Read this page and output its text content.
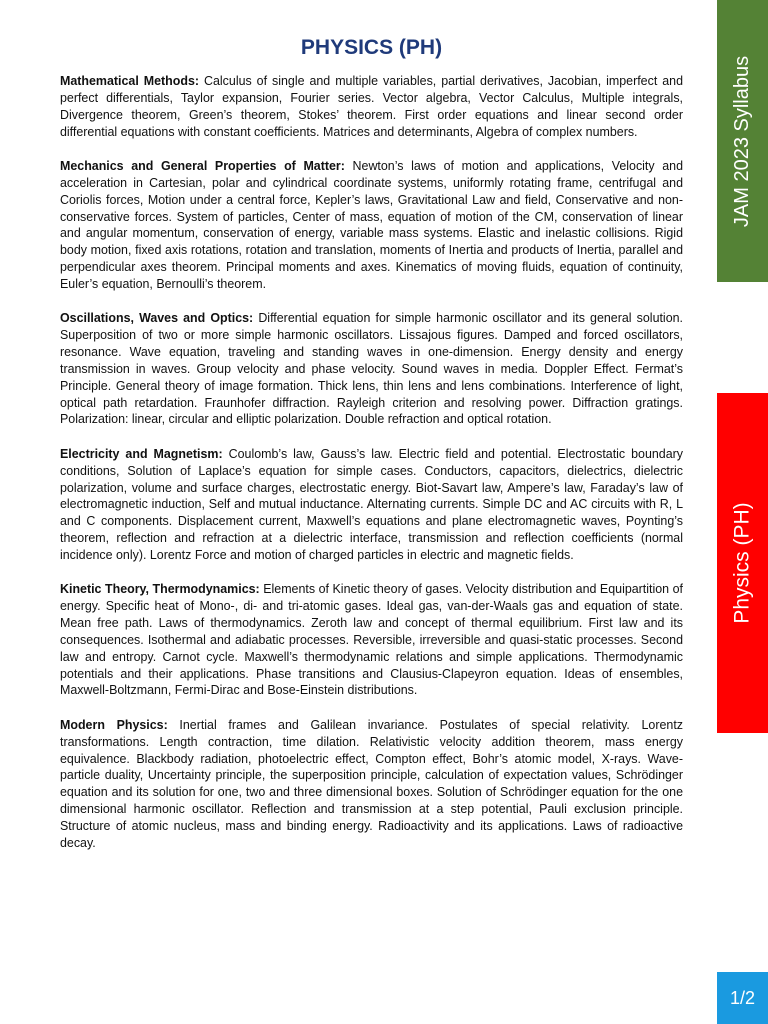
PHYSICS (PH)

Mathematical Methods: Calculus of single and multiple variables, partial derivatives, Jacobian, imperfect and perfect differentials, Taylor expansion, Fourier series. Vector algebra, Vector Calculus, Multiple integrals, Divergence theorem, Green’s theorem, Stokes’ theorem. First order equations and linear second order differential equations with constant coefficients. Matrices and determinants, Algebra of complex numbers.

Mechanics and General Properties of Matter: Newton’s laws of motion and applications, Velocity and acceleration in Cartesian, polar and cylindrical coordinate systems, uniformly rotating frame, centrifugal and Coriolis forces, Motion under a central force, Kepler’s laws, Gravitational Law and field, Conservative and non-conservative forces. System of particles, Center of mass, equation of motion of the CM, conservation of linear and angular momentum, conservation of energy, variable mass systems. Elastic and inelastic collisions. Rigid body motion, fixed axis rotations, rotation and translation, moments of Inertia and products of Inertia, parallel and perpendicular axes theorem. Principal moments and axes. Kinematics of moving fluids, equation of continuity, Euler’s equation, Bernoulli’s theorem.

Oscillations, Waves and Optics: Differential equation for simple harmonic oscillator and its general solution. Superposition of two or more simple harmonic oscillators. Lissajous figures. Damped and forced oscillators, resonance. Wave equation, traveling and standing waves in one-dimension. Energy density and energy transmission in waves. Group velocity and phase velocity. Sound waves in media. Doppler Effect. Fermat’s Principle. General theory of image formation. Thick lens, thin lens and lens combinations. Interference of light, optical path retardation. Fraunhofer diffraction. Rayleigh criterion and resolving power. Diffraction gratings. Polarization: linear, circular and elliptic polarization. Double refraction and optical rotation.

Electricity and Magnetism: Coulomb’s law, Gauss’s law. Electric field and potential. Electrostatic boundary conditions, Solution of Laplace’s equation for simple cases. Conductors, capacitors, dielectrics, dielectric polarization, volume and surface charges, electrostatic energy. Biot-Savart law, Ampere’s law, Faraday’s law of electromagnetic induction, Self and mutual inductance. Alternating currents. Simple DC and AC circuits with R, L and C components. Displacement current, Maxwell’s equations and plane electromagnetic waves, Poynting’s theorem, reflection and refraction at a dielectric interface, transmission and reflection coefficients (normal incidence only). Lorentz Force and motion of charged particles in electric and magnetic fields.

Kinetic Theory, Thermodynamics: Elements of Kinetic theory of gases. Velocity distribution and Equipartition of energy. Specific heat of Mono-, di- and tri-atomic gases. Ideal gas, van-der-Waals gas and equation of state. Mean free path. Laws of thermodynamics. Zeroth law and concept of thermal equilibrium. First law and its consequences. Isothermal and adiabatic processes. Reversible, irreversible and quasi-static processes. Second law and entropy. Carnot cycle. Maxwell’s thermodynamic relations and simple applications. Thermodynamic potentials and their applications. Phase transitions and Clausius-Clapeyron equation. Ideas of ensembles, Maxwell-Boltzmann, Fermi-Dirac and Bose-Einstein distributions.

Modern Physics: Inertial frames and Galilean invariance. Postulates of special relativity. Lorentz transformations. Length contraction, time dilation. Relativistic velocity addition theorem, mass energy equivalence. Blackbody radiation, photoelectric effect, Compton effect, Bohr’s atomic model, X-rays. Wave-particle duality, Uncertainty principle, the superposition principle, calculation of expectation values, Schrödinger equation and its solution for one, two and three dimensional boxes. Solution of Schrödinger equation for the one dimensional harmonic oscillator. Reflection and transmission at a step potential, Pauli exclusion principle. Structure of atomic nucleus, mass and binding energy. Radioactivity and its applications. Laws of radioactive decay.

JAM 2023 Syllabus
Physics (PH)
1/2
